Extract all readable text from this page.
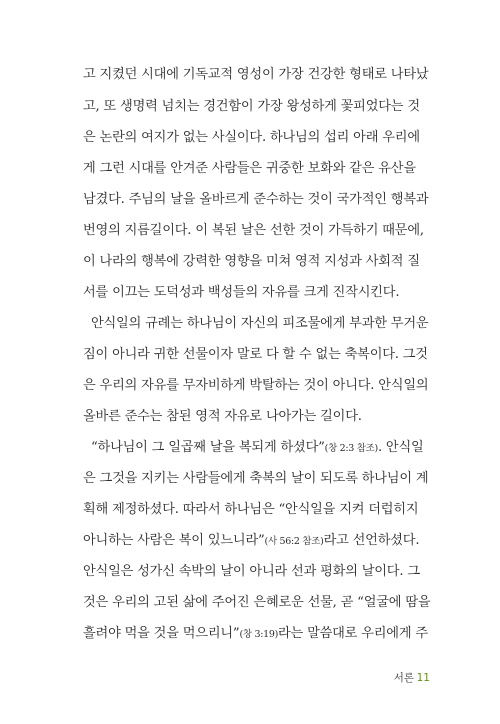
고 지켰던 시대에 기독교적 영성이 가장 건강한 형태로 나타났
고, 또 생명력 넘치는 경건함이 가장 왕성하게 꽃피었다는 것
은 논란의 여지가 없는 사실이다. 하나님의 섭리 아래 우리에
게 그런 시대를 안겨준 사람들은 귀중한 보화와 같은 유산을
남겼다. 주님의 날을 올바르게 준수하는 것이 국가적인 행복과
번영의 지름길이다. 이 복된 날은 선한 것이 가득하기 때문에,
이 나라의 행복에 강력한 영향을 미쳐 영적 지성과 사회적 질
서를 이끄는 도덕성과 백성들의 자유를 크게 진작시킨다.
안식일의 규례는 하나님이 자신의 피조물에게 부과한 무거운
짐이 아니라 귀한 선물이자 말로 다 할 수 없는 축복이다. 그것
은 우리의 자유를 무자비하게 박탈하는 것이 아니다. 안식일의
올바른 준수는 참된 영적 자유로 나아가는 길이다.
“하나님이 그 일곱째 날을 복되게 하셨다”(창 2:3 참조). 안식일
은 그것을 지키는 사람들에게 축복의 날이 되도록 하나님이 계
획해 제정하셨다. 따라서 하나님은 “안식일을 지켜 더럽히지
아니하는 사람은 복이 있느니라”(사 56:2 참조)라고 선언하셨다.
안식일은 성가신 속박의 날이 아니라 선과 평화의 날이다. 그
것은 우리의 고된 삶에 주어진 은혜로운 선물, 곧 “얼굴에 땀을
흘려야 먹을 것을 먹으리니”(창 3:19)라는 말씀대로 우리에게 주
서론 11
